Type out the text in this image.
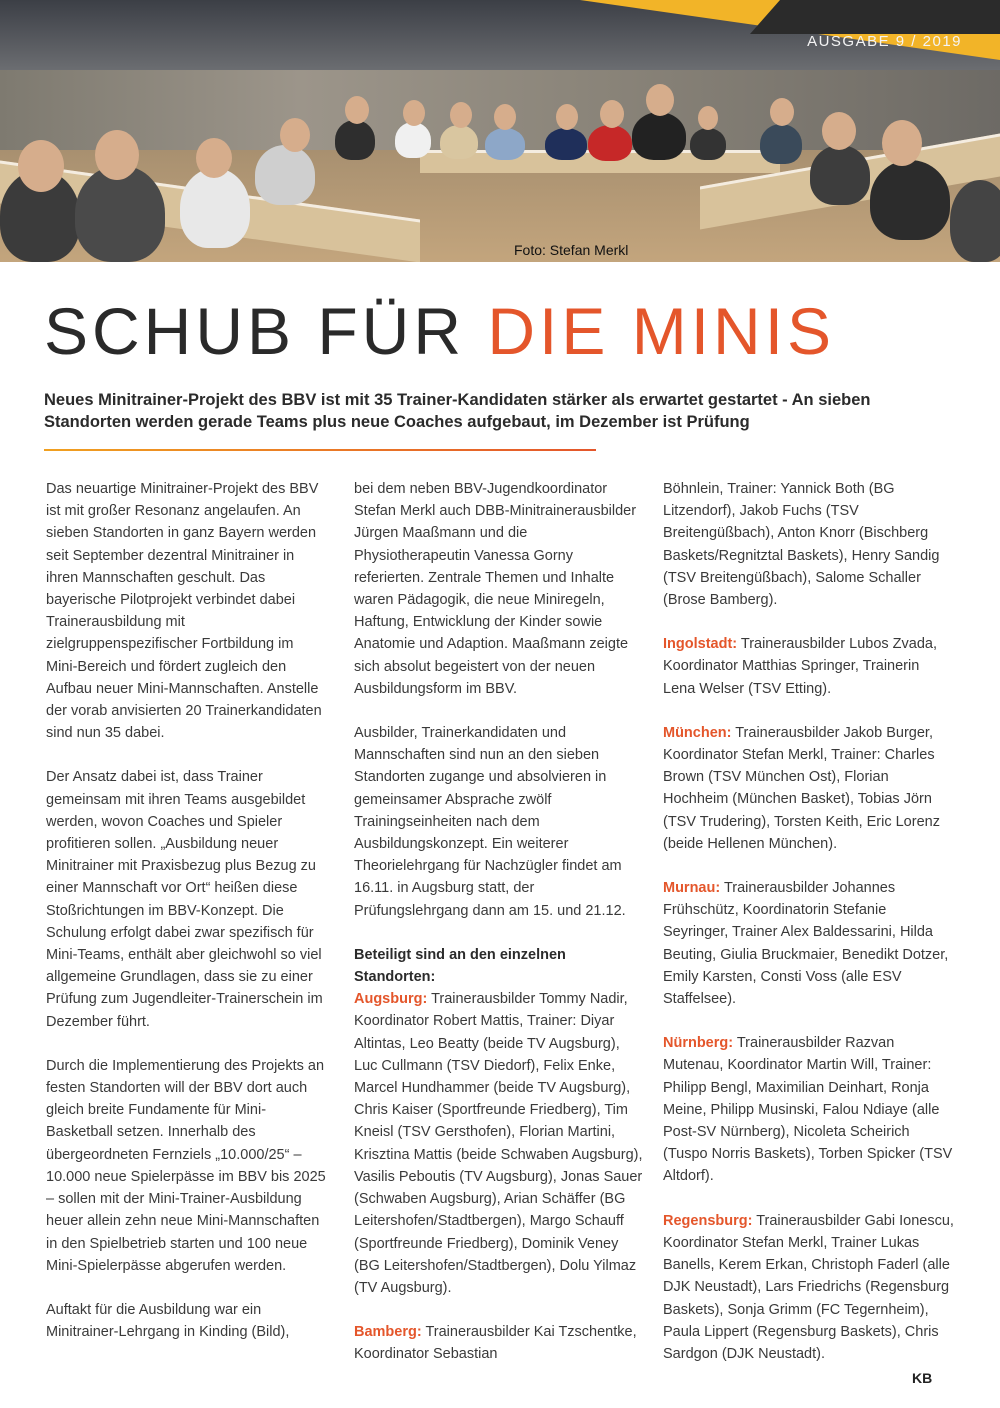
AUSGABE 9 / 2019
Foto: Stefan Merkl
SCHUB FÜR DIE MINIS
Neues Minitrainer-Projekt des BBV ist mit 35 Trainer-Kandidaten stärker als erwartet gestartet - An sieben Standorten werden gerade Teams plus neue Coaches aufgebaut, im Dezember ist Prüfung

Das neuartige Minitrainer-Projekt des BBV ist mit großer Resonanz angelaufen. An sieben Standorten in ganz Bayern werden seit September dezentral Minitrainer in ihren Mannschaften geschult. Das bayerische Pilotprojekt verbindet dabei Trainerausbildung mit zielgruppenspezifischer Fortbildung im Mini-Bereich und fördert zugleich den Aufbau neuer Mini-Mannschaften. Anstelle der vorab anvisierten 20 Trainerkandidaten sind nun 35 dabei.

Der Ansatz dabei ist, dass Trainer gemeinsam mit ihren Teams ausgebildet werden, wovon Coaches und Spieler profitieren sollen. „Ausbildung neuer Minitrainer mit Praxisbezug plus Bezug zu einer Mannschaft vor Ort“ heißen diese Stoßrichtungen im BBV-Konzept. Die Schulung erfolgt dabei zwar spezifisch für Mini-Teams, enthält aber gleichwohl so viel allgemeine Grundlagen, dass sie zu einer Prüfung zum Jugendleiter-Trainerschein im Dezember führt.

Durch die Implementierung des Projekts an festen Standorten will der BBV dort auch gleich breite Fundamente für Mini-Basketball setzen. Innerhalb des übergeordneten Fernziels „10.000/25“ – 10.000 neue Spielerpässe im BBV bis 2025 – sollen mit der Mini-Trainer-Ausbildung heuer allein zehn neue Mini-Mannschaften in den Spielbetrieb starten und 100 neue Mini-Spielerpässe abgerufen werden.

Auftakt für die Ausbildung war ein Minitrainer-Lehrgang in Kinding (Bild),

bei dem neben BBV-Jugendkoordinator Stefan Merkl auch DBB-Minitrainerausbilder Jürgen Maaßmann und die Physiotherapeutin Vanessa Gorny referierten. Zentrale Themen und Inhalte waren Pädagogik, die neue Miniregeln, Haftung, Entwicklung der Kinder sowie Anatomie und Adaption. Maaßmann zeigte sich absolut begeistert von der neuen Ausbildungsform im BBV.

Ausbilder, Trainerkandidaten und Mannschaften sind nun an den sieben Standorten zugange und absolvieren in gemeinsamer Absprache zwölf Trainingseinheiten nach dem Ausbildungskonzept. Ein weiterer Theorielehrgang für Nachzügler findet am 16.11. in Augsburg statt, der Prüfungslehrgang dann am 15. und 21.12.

Beteiligt sind an den einzelnen Standorten:
Augsburg: Trainerausbilder Tommy Nadir, Koordinator Robert Mattis, Trainer: Diyar Altintas, Leo Beatty (beide TV Augsburg), Luc Cullmann (TSV Diedorf), Felix Enke, Marcel Hundhammer (beide TV Augsburg), Chris Kaiser (Sportfreunde Friedberg), Tim Kneisl (TSV Gersthofen), Florian Martini, Krisztina Mattis (beide Schwaben Augsburg), Vasilis Peboutis (TV Augsburg), Jonas Sauer (Schwaben Augsburg), Arian Schäffer (BG Leitershofen/Stadtbergen), Margo Schauff (Sportfreunde Friedberg), Dominik Veney (BG Leitershofen/Stadtbergen), Dolu Yilmaz (TV Augsburg).

Bamberg: Trainerausbilder Kai Tzschentke, Koordinator Sebastian

Böhnlein, Trainer: Yannick Both (BG Litzendorf), Jakob Fuchs (TSV Breitengüßbach), Anton Knorr (Bischberg Baskets/Regnitztal Baskets), Henry Sandig (TSV Breitengüßbach), Salome Schaller (Brose Bamberg).

Ingolstadt: Trainerausbilder Lubos Zvada, Koordinator Matthias Springer, Trainerin Lena Welser (TSV Etting).

München: Trainerausbilder Jakob Burger, Koordinator Stefan Merkl, Trainer: Charles Brown (TSV München Ost), Florian Hochheim (München Basket), Tobias Jörn (TSV Trudering), Torsten Keith, Eric Lorenz (beide Hellenen München).

Murnau: Trainerausbilder Johannes Frühschütz, Koordinatorin Stefanie Seyringer, Trainer Alex Baldessarini, Hilda Beuting, Giulia Bruckmaier, Benedikt Dotzer, Emily Karsten, Consti Voss (alle ESV Staffelsee).

Nürnberg: Trainerausbilder Razvan Mutenau, Koordinator Martin Will, Trainer: Philipp Bengl, Maximilian Deinhart, Ronja Meine, Philipp Musinski, Falou Ndiaye (alle Post-SV Nürnberg), Nicoleta Scheirich (Tuspo Norris Baskets), Torben Spicker (TSV Altdorf).

Regensburg: Trainerausbilder Gabi Ionescu, Koordinator Stefan Merkl, Trainer Lukas Banells, Kerem Erkan, Christoph Faderl (alle DJK Neustadt), Lars Friedrichs (Regensburg Baskets), Sonja Grimm (FC Tegernheim), Paula Lippert (Regensburg Baskets), Chris Sardgon (DJK Neustadt).

KB
